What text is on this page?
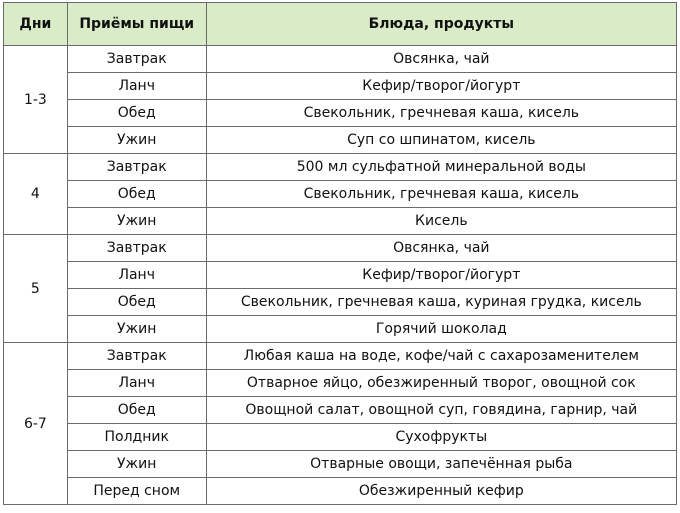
Дни	Приёмы пищи	Блюда, продукты
1-3	Завтрак	Овсянка, чай
	Ланч	Кефир/творог/йогурт
	Обед	Свекольник, гречневая каша, кисель
	Ужин	Суп со шпинатом, кисель
4	Завтрак	500 мл сульфатной минеральной воды
	Обед	Свекольник, гречневая каша, кисель
	Ужин	Кисель
5	Завтрак	Овсянка, чай
	Ланч	Кефир/творог/йогурт
	Обед	Свекольник, гречневая каша, куриная грудка, кисель
	Ужин	Горячий шоколад
6-7	Завтрак	Любая каша на воде, кофе/чай с сахарозаменителем
	Ланч	Отварное яйцо, обезжиренный творог, овощной сок
	Обед	Овощной салат, овощной суп, говядина, гарнир, чай
	Полдник	Сухофрукты
	Ужин	Отварные овощи, запечённая рыба
	Перед сном	Обезжиренный кефир
